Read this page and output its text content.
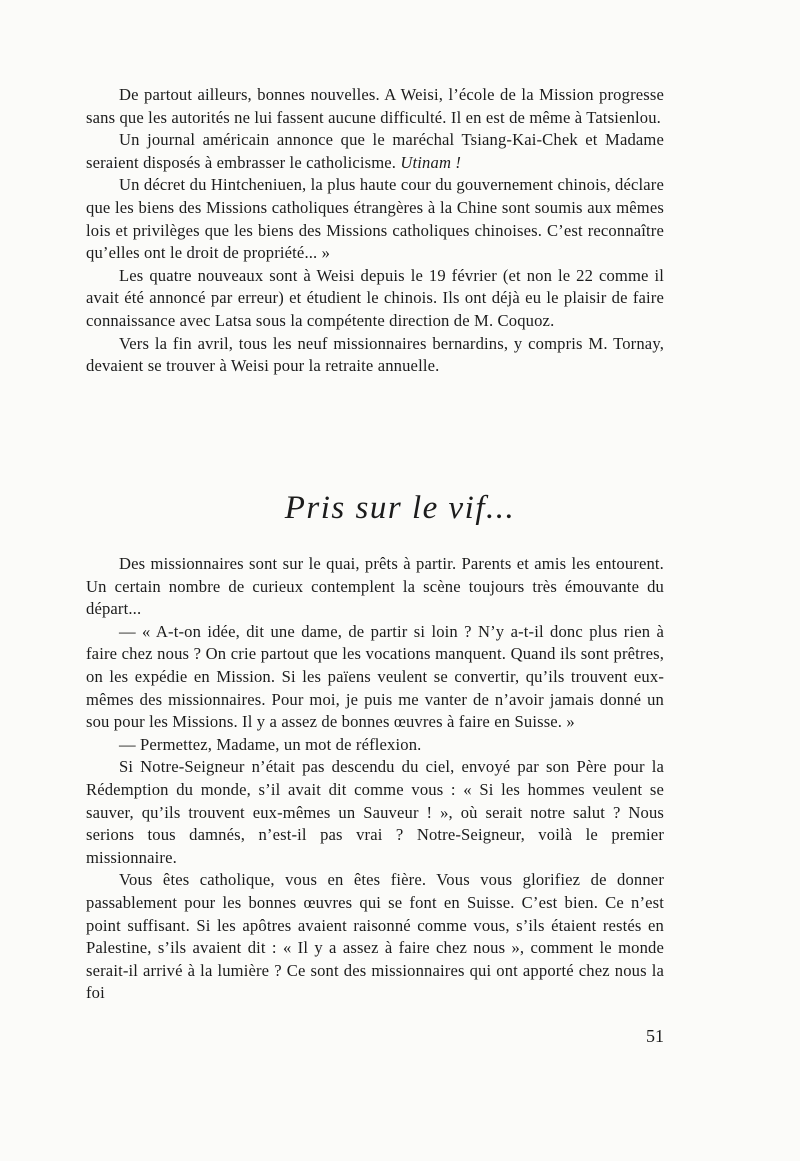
De partout ailleurs, bonnes nouvelles. A Weisi, l’école de la Mission progresse sans que les autorités ne lui fassent aucune difficulté. Il en est de même à Tatsienlou.

Un journal américain annonce que le maréchal Tsiang-Kai-Chek et Madame seraient disposés à embrasser le catholicisme. Utinam !

Un décret du Hintcheniuen, la plus haute cour du gouvernement chinois, déclare que les biens des Missions catholiques étrangères à la Chine sont soumis aux mêmes lois et privilèges que les biens des Missions catholiques chinoises. C’est reconnaître qu’elles ont le droit de propriété... »

Les quatre nouveaux sont à Weisi depuis le 19 février (et non le 22 comme il avait été annoncé par erreur) et étudient le chinois. Ils ont déjà eu le plaisir de faire connaissance avec Latsa sous la compétente direction de M. Coquoz.

Vers la fin avril, tous les neuf missionnaires bernardins, y compris M. Tornay, devaient se trouver à Weisi pour la retraite annuelle.

Pris sur le vif...

Des missionnaires sont sur le quai, prêts à partir. Parents et amis les entourent. Un certain nombre de curieux contemplent la scène toujours très émouvante du départ...

— « A-t-on idée, dit une dame, de partir si loin ? N’y a-t-il donc plus rien à faire chez nous ? On crie partout que les vocations manquent. Quand ils sont prêtres, on les expédie en Mission. Si les païens veulent se convertir, qu’ils trouvent eux-mêmes des missionnaires. Pour moi, je puis me vanter de n’avoir jamais donné un sou pour les Missions. Il y a assez de bonnes œuvres à faire en Suisse. »

— Permettez, Madame, un mot de réflexion.

Si Notre-Seigneur n’était pas descendu du ciel, envoyé par son Père pour la Rédemption du monde, s’il avait dit comme vous : « Si les hommes veulent se sauver, qu’ils trouvent eux-mêmes un Sauveur ! », où serait notre salut ? Nous serions tous damnés, n’est-il pas vrai ? Notre-Seigneur, voilà le premier missionnaire.

Vous êtes catholique, vous en êtes fière. Vous vous glorifiez de donner passablement pour les bonnes œuvres qui se font en Suisse. C’est bien. Ce n’est point suffisant. Si les apôtres avaient raisonné comme vous, s’ils étaient restés en Palestine, s’ils avaient dit : « Il y a assez à faire chez nous », comment le monde serait-il arrivé à la lumière ? Ce sont des missionnaires qui ont apporté chez nous la foi

51
